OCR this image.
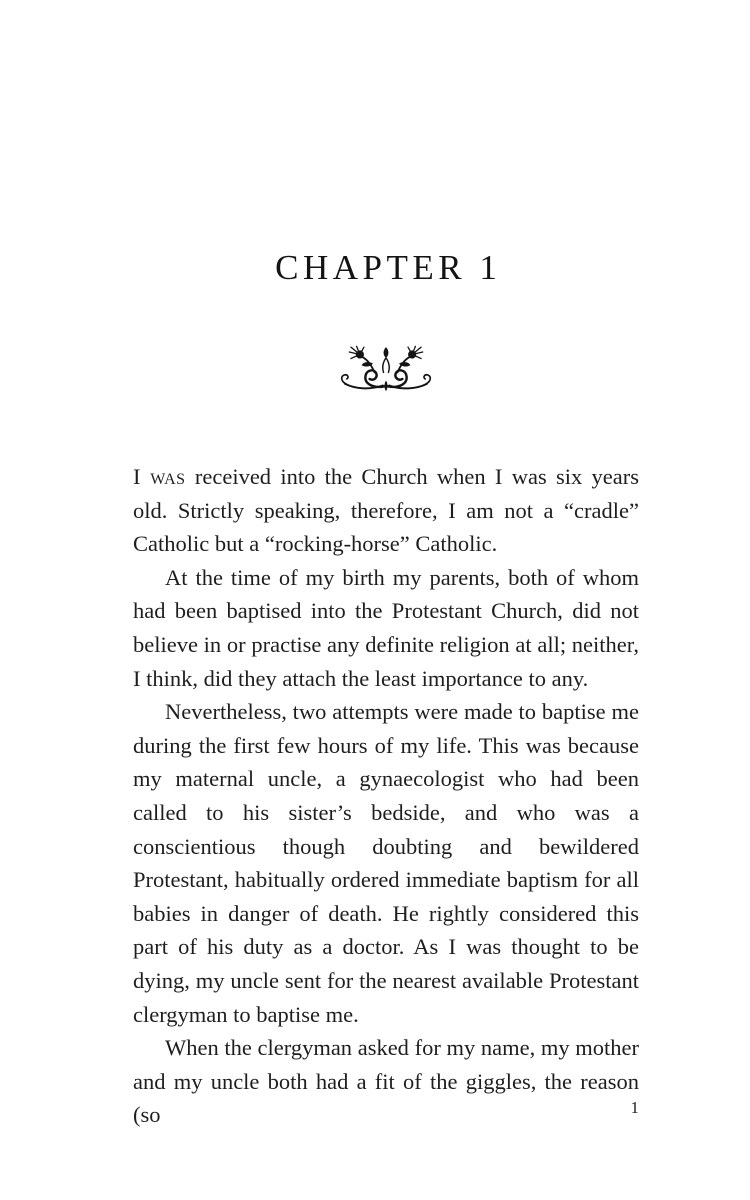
CHAPTER 1

I was received into the Church when I was six years old. Strictly speaking, therefore, I am not a “cradle” Catholic but a “rocking-horse” Catholic.

At the time of my birth my parents, both of whom had been baptised into the Protestant Church, did not believe in or practise any definite religion at all; neither, I think, did they attach the least importance to any.

Nevertheless, two attempts were made to baptise me during the first few hours of my life. This was because my maternal uncle, a gynaecologist who had been called to his sister’s bedside, and who was a conscientious though doubting and bewildered Protestant, habitually ordered immediate baptism for all babies in danger of death. He rightly considered this part of his duty as a doctor. As I was thought to be dying, my uncle sent for the nearest available Protestant clergyman to baptise me.

When the clergyman asked for my name, my mother and my uncle both had a fit of the giggles, the reason (so	1
